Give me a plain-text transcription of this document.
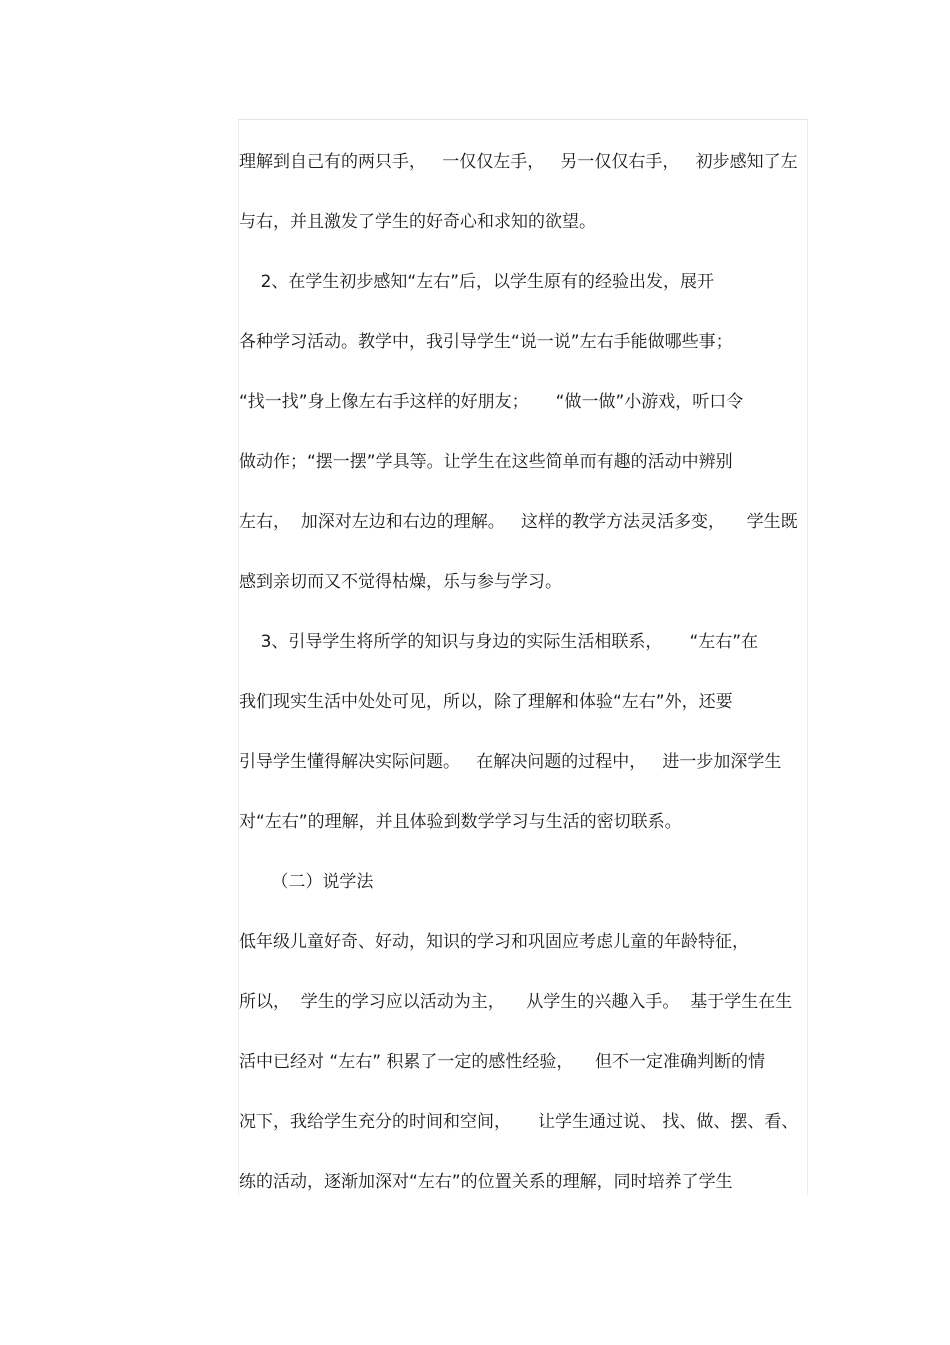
理解到自己有的两只手，   一仅仅左手，   另一仅仅右手，   初步感知了左
与右，并且激发了学生的好奇心和求知的欲望。
2、在学生初步感知“左右”后，以学生原有的经验出发，展开
各种学习活动。教学中，我引导学生“说一说”左右手能做哪些事；
“找一找”身上像左右手这样的好朋友；     “做一做”小游戏，听口令
做动作；“摆一摆”学具等。让学生在这些简单而有趣的活动中辨别
左右，  加深对左边和右边的理解。   这样的教学方法灵活多变，    学生既
感到亲切而又不觉得枯燥，乐与参与学习。
3、引导学生将所学的知识与身边的实际生活相联系，     “左右”在
我们现实生活中处处可见，所以，除了理解和体验“左右”外，还要
引导学生懂得解决实际问题。   在解决问题的过程中，   进一步加深学生
对“左右”的理解，并且体验到数学学习与生活的密切联系。
（二）说学法
低年级儿童好奇、好动，知识的学习和巩固应考虑儿童的年龄特征，
所以，  学生的学习应以活动为主，    从学生的兴趣入手。  基于学生在生
活中已经对 “左右” 积累了一定的感性经验，    但不一定准确判断的情
况下，我给学生充分的时间和空间，     让学生通过说、 找、做、摆、看、
练的活动，逐渐加深对“左右”的位置关系的理解，同时培养了学生
